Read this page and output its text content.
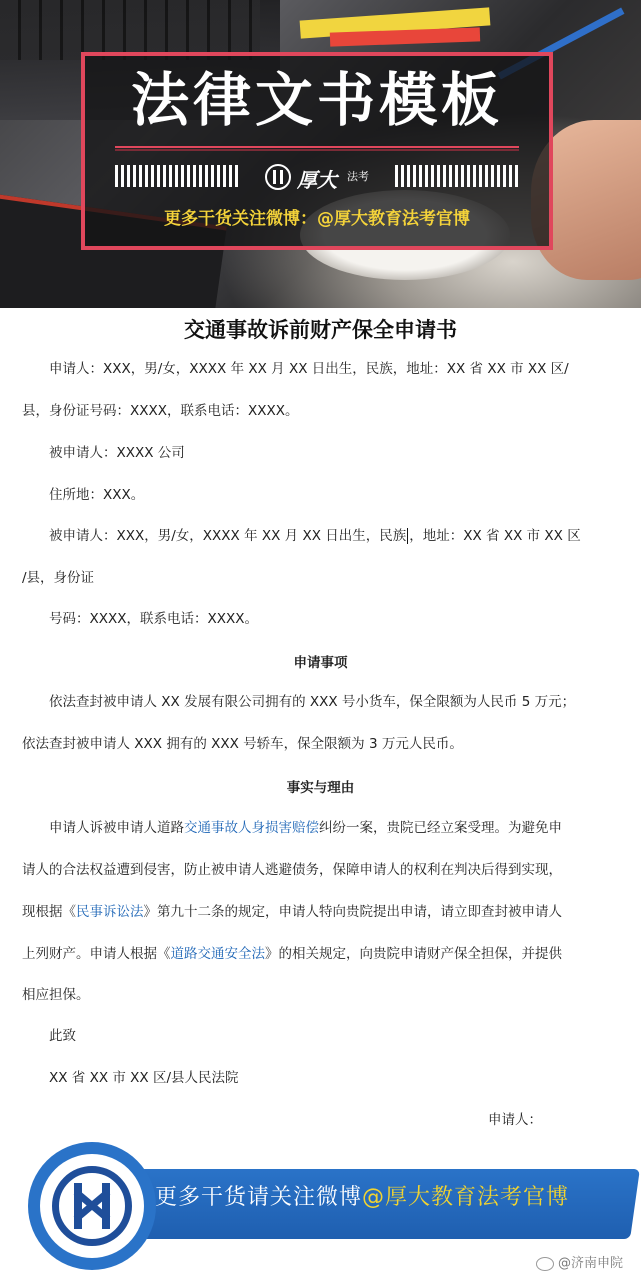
法律文书模板
厚大 法考
更多干货关注微博：@厚大教育法考官博
交通事故诉前财产保全申请书
申请人：XXX，男/女，XXXX 年 XX 月 XX 日出生，民族，地址：XX 省 XX 市 XX 区/
县，身份证号码：XXXX，联系电话：XXXX。
被申请人：XXXX 公司
住所地：XXX。
被申请人：XXX，男/女，XXXX 年 XX 月 XX 日出生，民族 ，地址：XX 省 XX 市 XX 区
/县，身份证
号码：XXXX，联系电话：XXXX。
申请事项
依法查封被申请人 XX 发展有限公司拥有的 XXX 号小货车，保全限额为人民币 5 万元；
依法查封被申请人 XXX 拥有的 XXX 号轿车，保全限额为 3 万元人民币。
事实与理由
申请人诉被申请人道路交通事故人身损害赔偿纠纷一案，贵院已经立案受理。为避免申
请人的合法权益遭到侵害，防止被申请人逃避债务，保障申请人的权利在判决后得到实现，
现根据《民事诉讼法》第九十二条的规定，申请人特向贵院提出申请，请立即查封被申请人
上列财产。申请人根据《道路交通安全法》的相关规定，向贵院申请财产保全担保，并提供
相应担保。
此致
XX 省 XX 市 XX 区/县人民法院
申请人：
更多干货请关注微博@厚大教育法考官博
@济南申院
